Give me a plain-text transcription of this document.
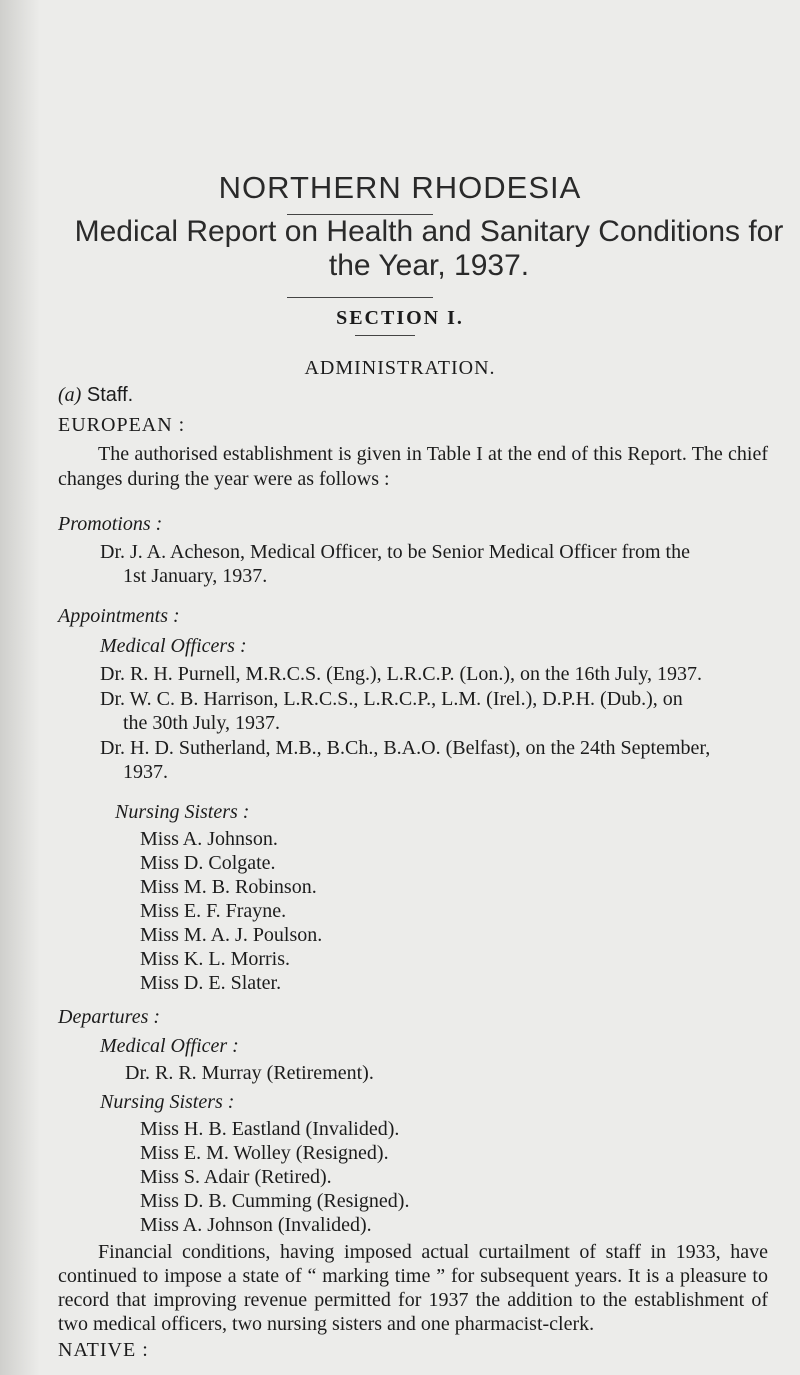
NORTHERN RHODESIA
Medical Report on Health and Sanitary Conditions for the Year, 1937.
SECTION I.
ADMINISTRATION.
(a) Staff.
EUROPEAN :
The authorised establishment is given in Table I at the end of this Report. The chief changes during the year were as follows :
Promotions :
Dr. J. A. Acheson, Medical Officer, to be Senior Medical Officer from the
1st January, 1937.
Appointments :
Medical Officers :
Dr. R. H. Purnell, M.R.C.S. (Eng.), L.R.C.P. (Lon.), on the 16th July, 1937.
Dr. W. C. B. Harrison, L.R.C.S., L.R.C.P., L.M. (Irel.), D.P.H. (Dub.), on
the 30th July, 1937.
Dr. H. D. Sutherland, M.B., B.Ch., B.A.O. (Belfast), on the 24th September,
1937.
Nursing Sisters :
Miss A. Johnson.
Miss D. Colgate.
Miss M. B. Robinson.
Miss E. F. Frayne.
Miss M. A. J. Poulson.
Miss K. L. Morris.
Miss D. E. Slater.
Departures :
Medical Officer :
Dr. R. R. Murray (Retirement).
Nursing Sisters :
Miss H. B. Eastland (Invalided).
Miss E. M. Wolley (Resigned).
Miss S. Adair (Retired).
Miss D. B. Cumming (Resigned).
Miss A. Johnson (Invalided).
Financial conditions, having imposed actual curtailment of staff in 1933, have continued to impose a state of “ marking time ” for subsequent years. It is a pleasure to record that improving revenue permitted for 1937 the addition to the establishment of two medical officers, two nursing sisters and one pharmacist-clerk.
NATIVE :
